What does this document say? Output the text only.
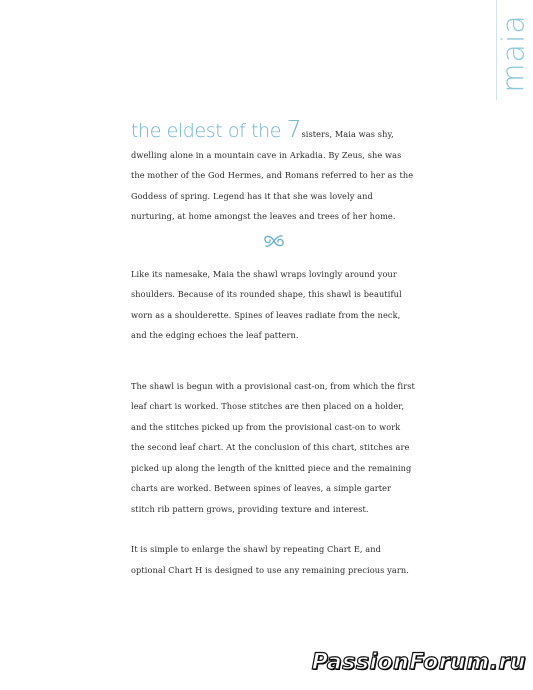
maia

the eldest of the 7sisters, Maia was shy, dwelling alone in a mountain cave in Arkadia. By Zeus, she was the mother of the God Hermes, and Romans referred to her as the Goddess of spring. Legend has it that she was lovely and nurturing, at home amongst the leaves and trees of her home.

Like its namesake, Maia the shawl wraps lovingly around your shoulders. Because of its rounded shape, this shawl is beautiful worn as a shoulderette. Spines of leaves radiate from the neck, and the edging echoes the leaf pattern.

The shawl is begun with a provisional cast-on, from which the first leaf chart is worked. Those stitches are then placed on a holder, and the stitches picked up from the provisional cast-on to work the second leaf chart. At the conclusion of this chart, stitches are picked up along the length of the knitted piece and the remaining charts are worked. Between spines of leaves, a simple garter stitch rib pattern grows, providing texture and interest.

It is simple to enlarge the shawl by repeating Chart E, and optional Chart H is designed to use any remaining precious yarn.

PassionForum.ru
